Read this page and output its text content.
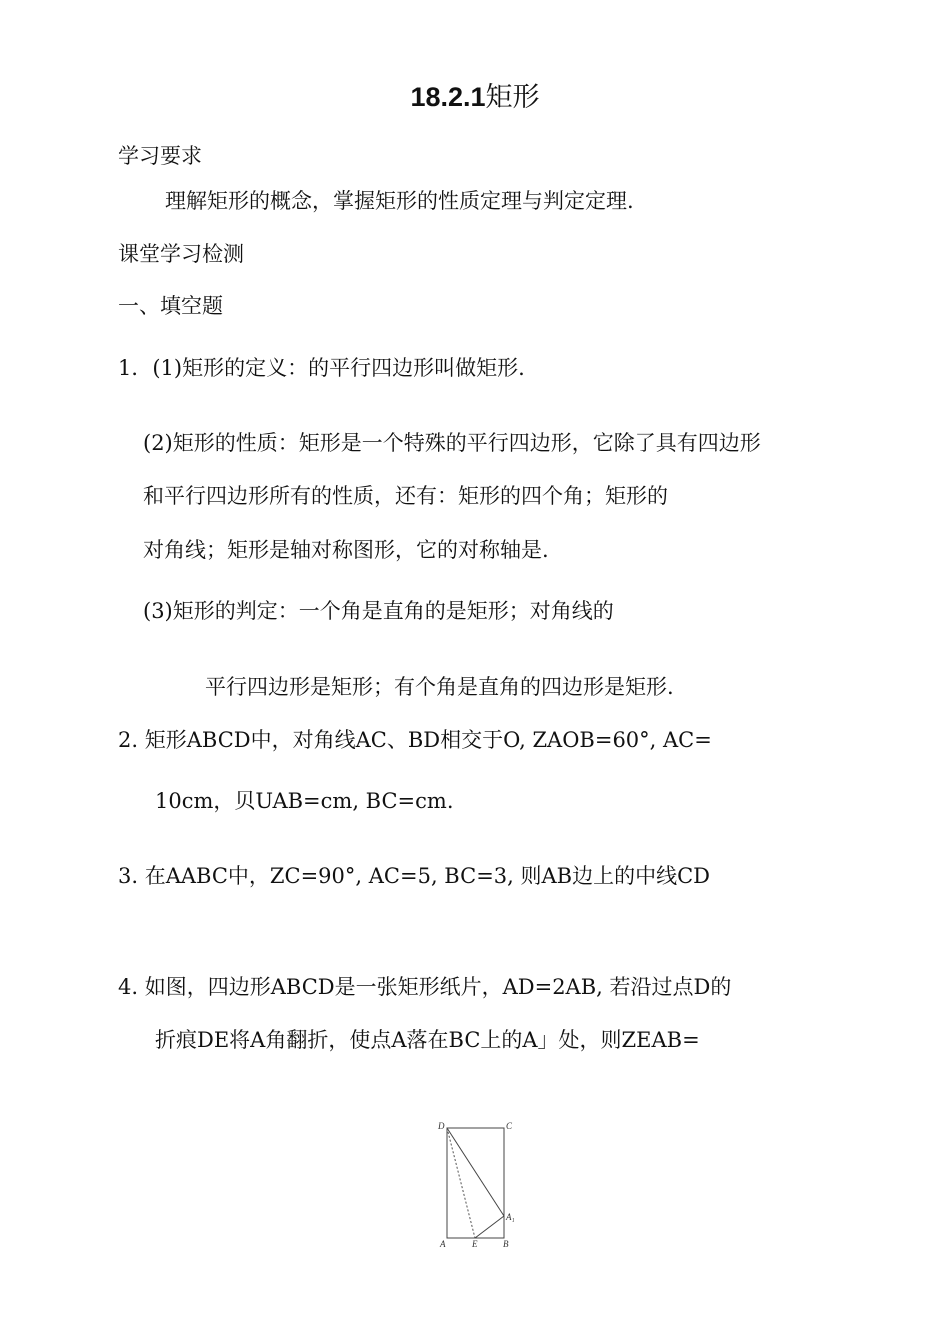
18.2.1矩形
学习要求
理解矩形的概念，掌握矩形的性质定理与判定定理.
课堂学习检测
一、填空题
1．(1)矩形的定义：的平行四边形叫做矩形.
(2)矩形的性质：矩形是一个特殊的平行四边形，它除了具有四边形
和平行四边形所有的性质，还有：矩形的四个角；矩形的
对角线；矩形是轴对称图形，它的对称轴是.
(3)矩形的判定：一个角是直角的是矩形；对角线的
平行四边形是矩形；有个角是直角的四边形是矩形.
2. 矩形ABCD中，对角线AC、BD相交于O, ZAOB=60°, AC=
10cm，贝UAB=cm, BC=cm.
3. 在AABC中，ZC=90°, AC=5, BC=3, 则AB边上的中线CD
4. 如图，四边形ABCD是一张矩形纸片，AD=2AB, 若沿过点D的
折痕DE将A角翻折，使点A落在BC上的A」处，则ZEAB=
D	C
A₁
A	E	B
